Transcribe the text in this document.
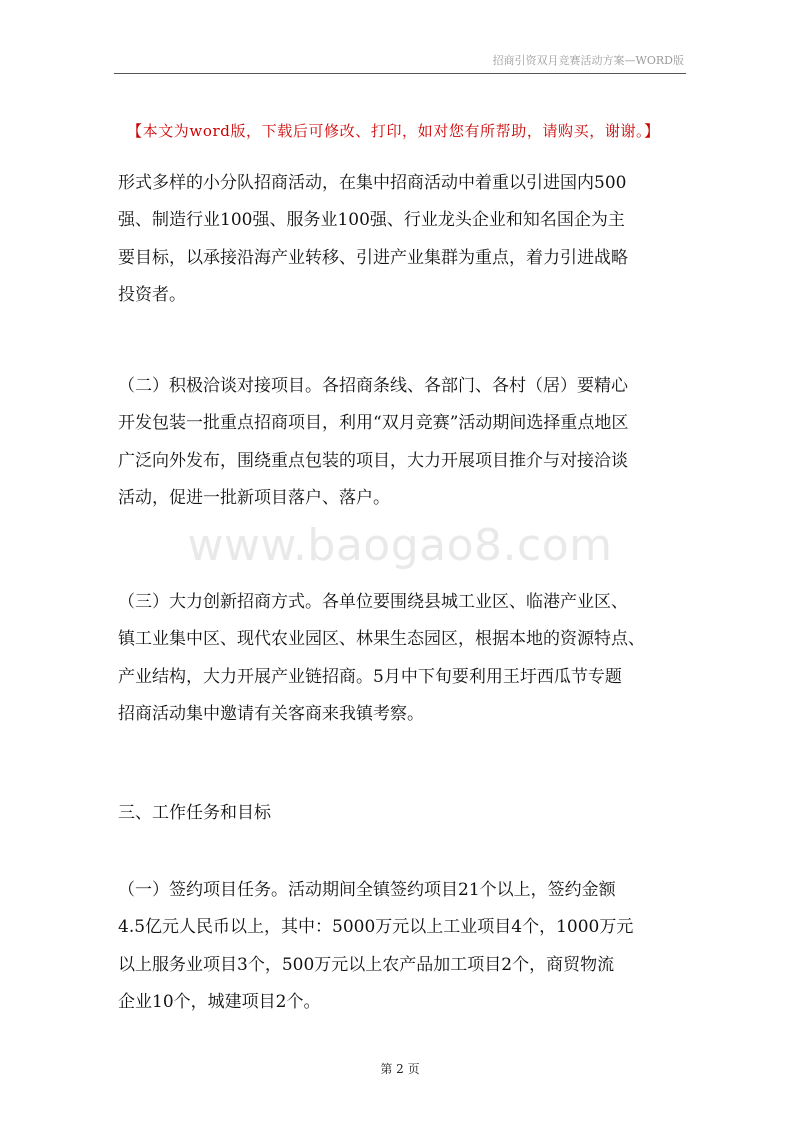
招商引资双月竞赛活动方案—WORD版
【本文为word版，下载后可修改、打印，如对您有所帮助，请购买，谢谢。】
www.baogao8.com

形式多样的小分队招商活动，在集中招商活动中着重以引进国内500

强、制造行业100强、服务业100强、行业龙头企业和知名国企为主

要目标，以承接沿海产业转移、引进产业集群为重点，着力引进战略

投资者。

（二）积极洽谈对接项目。各招商条线、各部门、各村（居）要精心

开发包装一批重点招商项目，利用“双月竞赛”活动期间选择重点地区

广泛向外发布，围绕重点包装的项目，大力开展项目推介与对接洽谈

活动，促进一批新项目落户、落户。

（三）大力创新招商方式。各单位要围绕县城工业区、临港产业区、

镇工业集中区、现代农业园区、林果生态园区，根据本地的资源特点、

产业结构，大力开展产业链招商。5月中下旬要利用王圩西瓜节专题

招商活动集中邀请有关客商来我镇考察。

三、工作任务和目标

（一）签约项目任务。活动期间全镇签约项目21个以上，签约金额

4.5亿元人民币以上，其中：5000万元以上工业项目4个，1000万元

以上服务业项目3个，500万元以上农产品加工项目2个，商贸物流

企业10个，城建项目2个。

第 2 页
